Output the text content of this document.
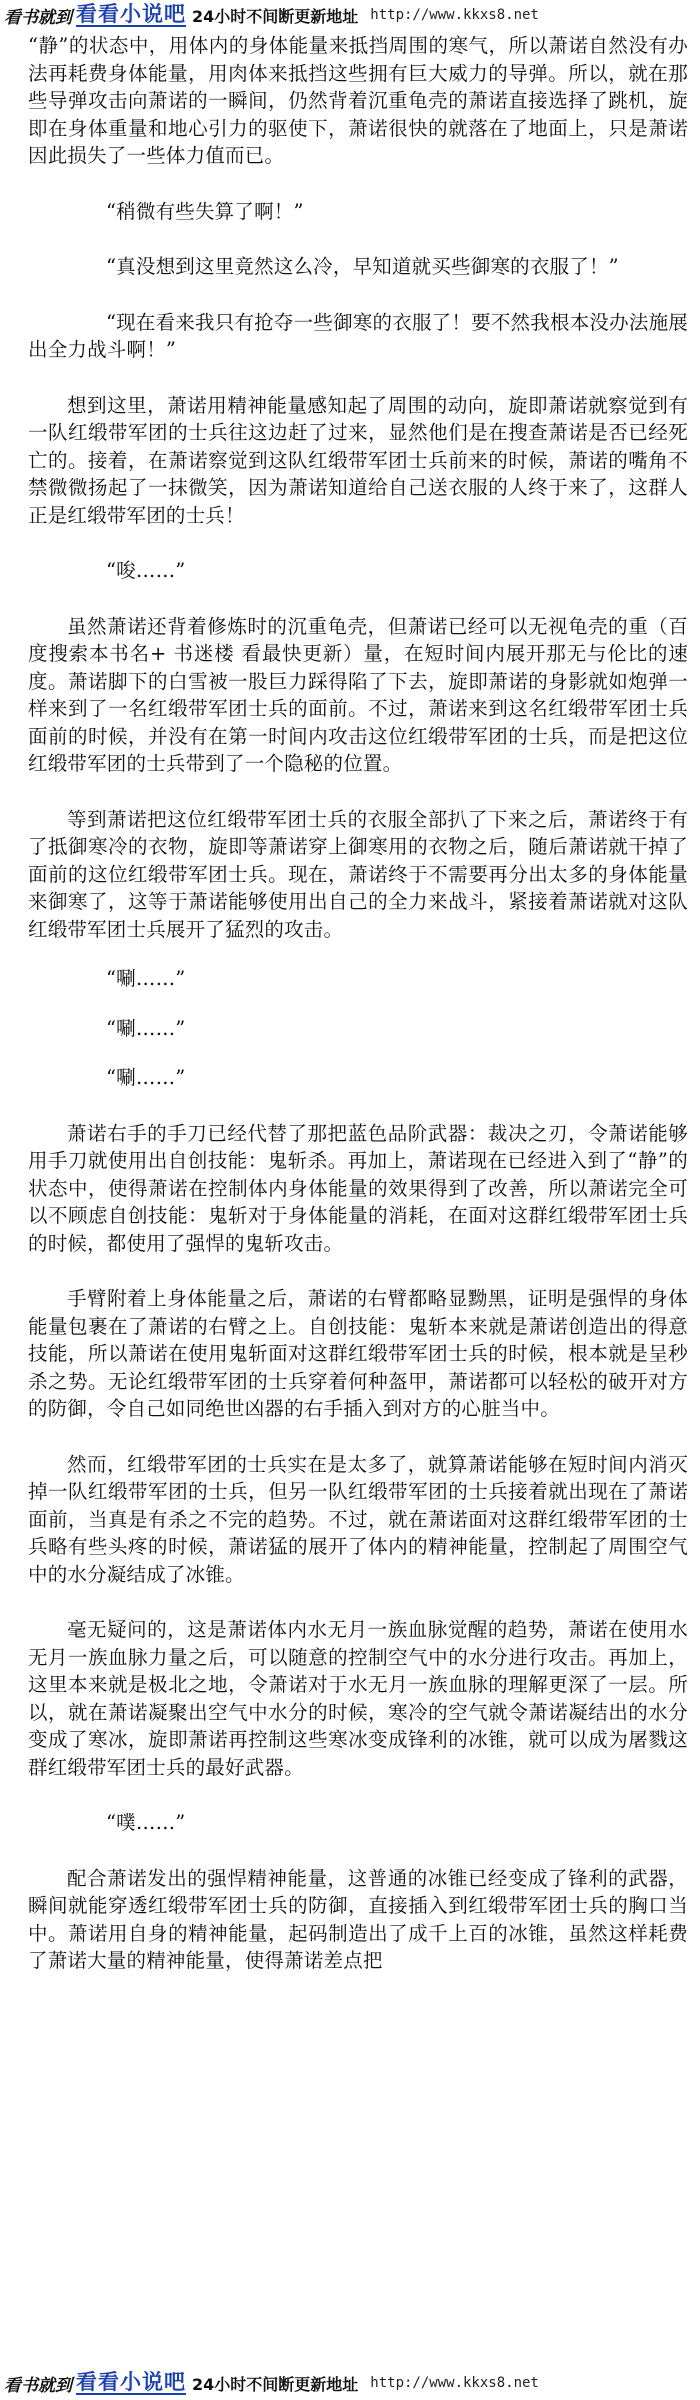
看书就到 看看小说吧 24小时不间断更新地址 http://www.kkxs8.net

“静”的状态中，用体内的身体能量来抵挡周围的寒气，所以萧诺自然没有办法再耗费身体能量，用肉体来抵挡这些拥有巨大威力的导弹。所以，就在那些导弹攻击向萧诺的一瞬间，仍然背着沉重龟壳的萧诺直接选择了跳机，旋即在身体重量和地心引力的驱使下，萧诺很快的就落在了地面上，只是萧诺因此损失了一些体力值而已。

“稍微有些失算了啊！”

“真没想到这里竟然这么冷，早知道就买些御寒的衣服了！”

“现在看来我只有抢夺一些御寒的衣服了！要不然我根本没办法施展出全力战斗啊！”

想到这里，萧诺用精神能量感知起了周围的动向，旋即萧诺就察觉到有一队红缎带军团的士兵往这边赶了过来，显然他们是在搜查萧诺是否已经死亡的。接着，在萧诺察觉到这队红缎带军团士兵前来的时候，萧诺的嘴角不禁微微扬起了一抹微笑，因为萧诺知道给自己送衣服的人终于来了，这群人正是红缎带军团的士兵！

“唆……”

虽然萧诺还背着修炼时的沉重龟壳，但萧诺已经可以无视龟壳的重（百度搜索本书名+ 书迷楼 看最快更新）量，在短时间内展开那无与伦比的速度。萧诺脚下的白雪被一股巨力踩得陷了下去，旋即萧诺的身影就如炮弹一样来到了一名红缎带军团士兵的面前。不过，萧诺来到这名红缎带军团士兵面前的时候，并没有在第一时间内攻击这位红缎带军团的士兵，而是把这位红缎带军团的士兵带到了一个隐秘的位置。

等到萧诺把这位红缎带军团士兵的衣服全部扒了下来之后，萧诺终于有了抵御寒冷的衣物，旋即等萧诺穿上御寒用的衣物之后，随后萧诺就干掉了面前的这位红缎带军团士兵。现在，萧诺终于不需要再分出太多的身体能量来御寒了，这等于萧诺能够使用出自己的全力来战斗，紧接着萧诺就对这队红缎带军团士兵展开了猛烈的攻击。

“唰……”

“唰……”

“唰……”

萧诺右手的手刀已经代替了那把蓝色品阶武器：裁决之刃，令萧诺能够用手刀就使用出自创技能：鬼斩杀。再加上，萧诺现在已经进入到了“静”的状态中，使得萧诺在控制体内身体能量的效果得到了改善，所以萧诺完全可以不顾虑自创技能：鬼斩对于身体能量的消耗，在面对这群红缎带军团士兵的时候，都使用了强悍的鬼斩攻击。

手臂附着上身体能量之后，萧诺的右臂都略显黝黑，证明是强悍的身体能量包裹在了萧诺的右臂之上。自创技能：鬼斩本来就是萧诺创造出的得意技能，所以萧诺在使用鬼斩面对这群红缎带军团士兵的时候，根本就是呈秒杀之势。无论红缎带军团的士兵穿着何种盔甲，萧诺都可以轻松的破开对方的防御，令自己如同绝世凶器的右手插入到对方的心脏当中。

然而，红缎带军团的士兵实在是太多了，就算萧诺能够在短时间内消灭掉一队红缎带军团的士兵，但另一队红缎带军团的士兵接着就出现在了萧诺面前，当真是有杀之不完的趋势。不过，就在萧诺面对这群红缎带军团的士兵略有些头疼的时候，萧诺猛的展开了体内的精神能量，控制起了周围空气中的水分凝结成了冰锥。

毫无疑问的，这是萧诺体内水无月一族血脉觉醒的趋势，萧诺在使用水无月一族血脉力量之后，可以随意的控制空气中的水分进行攻击。再加上，这里本来就是极北之地，令萧诺对于水无月一族血脉的理解更深了一层。所以，就在萧诺凝聚出空气中水分的时候，寒冷的空气就令萧诺凝结出的水分变成了寒冰，旋即萧诺再控制这些寒冰变成锋利的冰锥，就可以成为屠戮这群红缎带军团士兵的最好武器。

“噗……”

配合萧诺发出的强悍精神能量，这普通的冰锥已经变成了锋利的武器，瞬间就能穿透红缎带军团士兵的防御，直接插入到红缎带军团士兵的胸口当中。萧诺用自身的精神能量，起码制造出了成千上百的冰锥，虽然这样耗费了萧诺大量的精神能量，使得萧诺差点把

看书就到 看看小说吧 24小时不间断更新地址 http://www.kkxs8.net
